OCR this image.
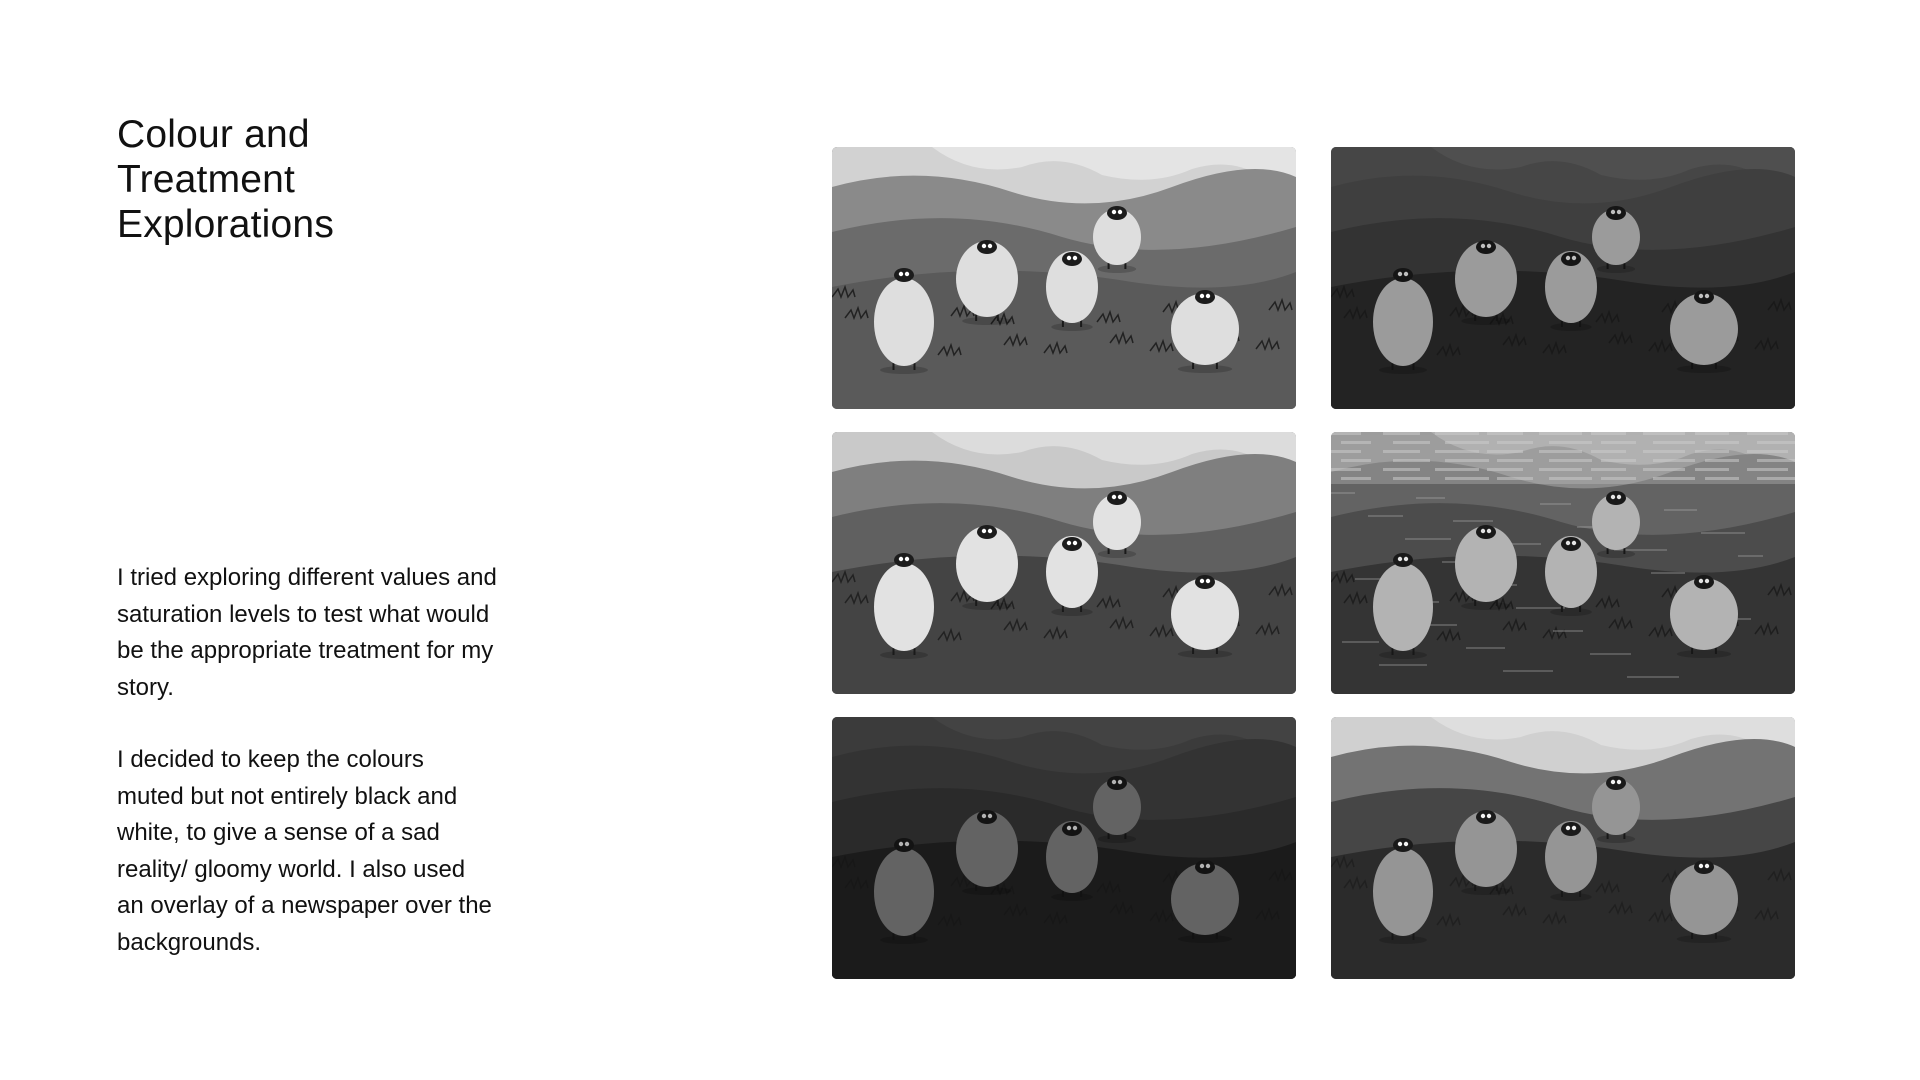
Colour and
Treatment
Explorations

I tried exploring different values and saturation levels to test what would be the appropriate treatment for my story.

I decided to keep the colours muted but not entirely black and white, to give a sense of a sad reality/ gloomy world. I also used an overlay of a newspaper over the backgrounds.
